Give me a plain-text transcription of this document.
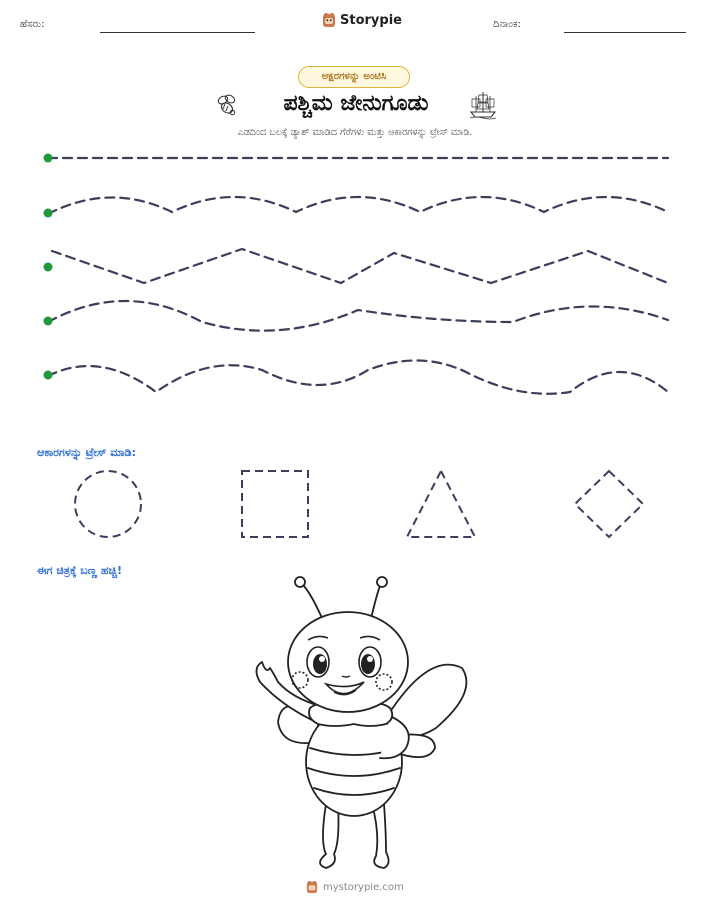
ಹೆಸರು:	Storypie	ದಿನಾಂಕ:
ಅಕ್ಷರಗಳನ್ನು ಅಂಟಿಸಿ
ಪಶ್ಚಿಮ ಜೇನುಗೂಡು
ಎಡದಿಂದ ಬಲಕ್ಕೆ ಡ್ಯಾಶ್ ಮಾಡಿದ ಗೆರೆಗಳು ಮತ್ತು ಆಕಾರಗಳನ್ನು ಟ್ರೇಸ್ ಮಾಡಿ.
ಆಕಾರಗಳನ್ನು ಟ್ರೇಸ್ ಮಾಡಿ:
ಈಗ ಚಿತ್ರಕ್ಕೆ ಬಣ್ಣ ಹಚ್ಚಿ!
mystorypie.com
